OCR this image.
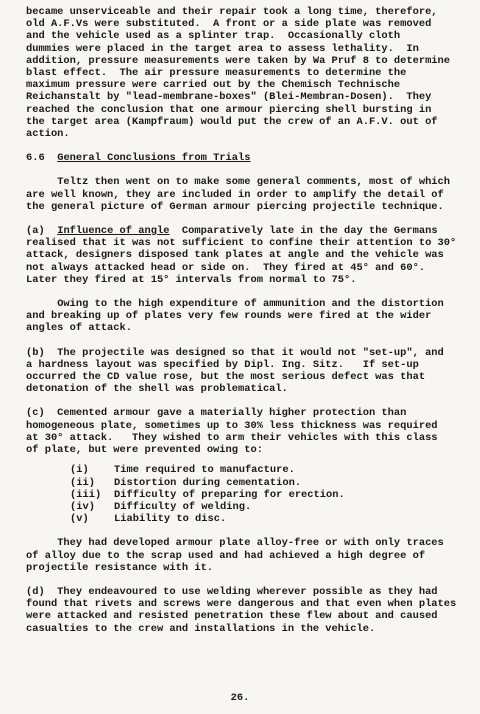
became unserviceable and their repair took a long time, therefore,

old A.F.Vs were substituted.  A front or a side plate was removed

and the vehicle used as a splinter trap.  Occasionally cloth

dummies were placed in the target area to assess lethality.  In

addition, pressure measurements were taken by Wa Pruf 8 to determine

blast effect.  The air pressure measurements to determine the

maximum pressure were carried out by the Chemisch Technische

Reichanstalt by "lead-membrane-boxes" (Blei-Membran-Dosen).  They

reached the conclusion that one armour piercing shell bursting in

the target area (Kampfraum) would put the crew of an A.F.V. out of

action.

6.6 General Conclusions from Trials

Teltz then went on to make some general comments, most of which

are well known, they are included in order to amplify the detail of

the general picture of German armour piercing projectile technique.

(a) Influence of angle  Comparatively late in the day the Germans

realised that it was not sufficient to confine their attention to 30°

attack, designers disposed tank plates at angle and the vehicle was

not always attacked head or side on.  They fired at 45° and 60°.

Later they fired at 15° intervals from normal to 75°.

Owing to the high expenditure of ammunition and the distortion

and breaking up of plates very few rounds were fired at the wider

angles of attack.

(b)  The projectile was designed so that it would not "set-up", and

a hardness layout was specified by Dipl. Ing. Sitz.   If set-up

occurred the CD value rose, but the most serious defect was that

detonation of the shell was problematical.

(c)  Cemented armour gave a materially higher protection than

homogeneous plate, sometimes up to 30% less thickness was required

at 30° attack.   They wished to arm their vehicles with this class

of plate, but were prevented owing to:

(i)	Time required to manufacture.
(ii)	Distortion during cementation.
(iii)	Difficulty of preparing for erection.
(iv)	Difficulty of welding.
(v)	Liability to disc.

They had developed armour plate alloy-free or with only traces

of alloy due to the scrap used and had achieved a high degree of

projectile resistance with it.

(d)  They endeavoured to use welding wherever possible as they had

found that rivets and screws were dangerous and that even when plates

were attacked and resisted penetration these flew about and caused

casualties to the crew and installations in the vehicle.

26.
